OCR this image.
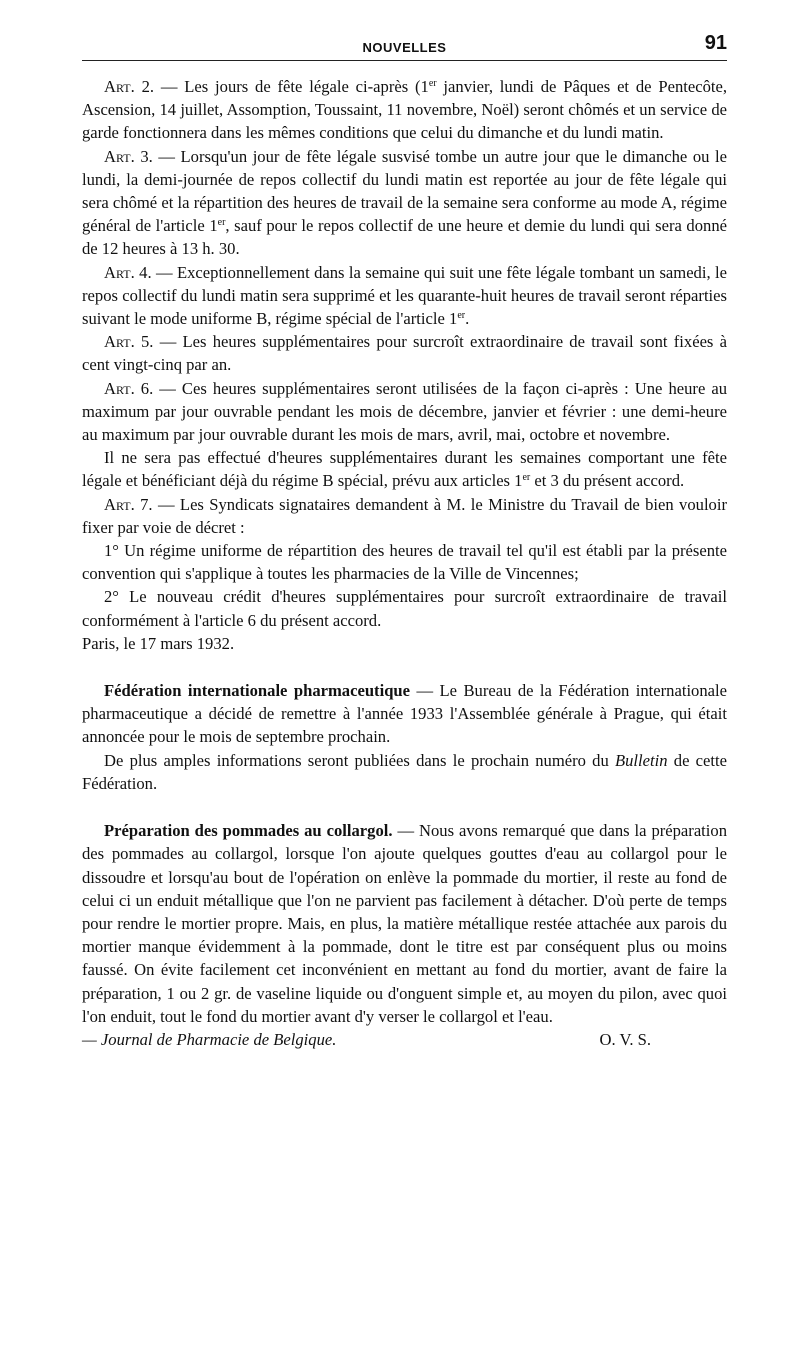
NOUVELLES	91

Art. 2. — Les jours de fête légale ci-après (1er janvier, lundi de Pâques et de Pentecôte, Ascension, 14 juillet, Assomption, Toussaint, 11 novembre, Noël) seront chômés et un service de garde fonctionnera dans les mêmes conditions que celui du dimanche et du lundi matin.

Art. 3. — Lorsqu'un jour de fête légale susvisé tombe un autre jour que le dimanche ou le lundi, la demi-journée de repos collectif du lundi matin est reportée au jour de fête légale qui sera chômé et la répartition des heures de travail de la semaine sera conforme au mode A, régime général de l'article 1er, sauf pour le repos collectif de une heure et demie du lundi qui sera donné de 12 heures à 13 h. 30.

Art. 4. — Exceptionnellement dans la semaine qui suit une fête légale tombant un samedi, le repos collectif du lundi matin sera supprimé et les quarante-huit heures de travail seront réparties suivant le mode uniforme B, régime spécial de l'article 1er.

Art. 5. — Les heures supplémentaires pour surcroît extraordinaire de travail sont fixées à cent vingt-cinq par an.

Art. 6. — Ces heures supplémentaires seront utilisées de la façon ci-après : Une heure au maximum par jour ouvrable pendant les mois de décembre, janvier et février : une demi-heure au maximum par jour ouvrable durant les mois de mars, avril, mai, octobre et novembre.

Il ne sera pas effectué d'heures supplémentaires durant les semaines comportant une fête légale et bénéficiant déjà du régime B spécial, prévu aux articles 1er et 3 du présent accord.

Art. 7. — Les Syndicats signataires demandent à M. le Ministre du Travail de bien vouloir fixer par voie de décret :

1° Un régime uniforme de répartition des heures de travail tel qu'il est établi par la présente convention qui s'applique à toutes les pharmacies de la Ville de Vincennes;

2° Le nouveau crédit d'heures supplémentaires pour surcroît extraordinaire de travail conformément à l'article 6 du présent accord.

Paris, le 17 mars 1932.

Fédération internationale pharmaceutique — Le Bureau de la Fédération internationale pharmaceutique a décidé de remettre à l'année 1933 l'Assemblée générale à Prague, qui était annoncée pour le mois de septembre prochain.

De plus amples informations seront publiées dans le prochain numéro du Bulletin de cette Fédération.

Préparation des pommades au collargol. — Nous avons remarqué que dans la préparation des pommades au collargol, lorsque l'on ajoute quelques gouttes d'eau au collargol pour le dissoudre et lorsqu'au bout de l'opération on enlève la pommade du mortier, il reste au fond de celui ci un enduit métallique que l'on ne parvient pas facilement à détacher. D'où perte de temps pour rendre le mortier propre. Mais, en plus, la matière métallique restée attachée aux parois du mortier manque évidemment à la pommade, dont le titre est par conséquent plus ou moins faussé. On évite facilement cet inconvénient en mettant au fond du mortier, avant de faire la préparation, 1 ou 2 gr. de vaseline liquide ou d'onguent simple et, au moyen du pilon, avec quoi l'on enduit, tout le fond du mortier avant d'y verser le collargol et l'eau.

— Journal de Pharmacie de Belgique.	O. V. S.
